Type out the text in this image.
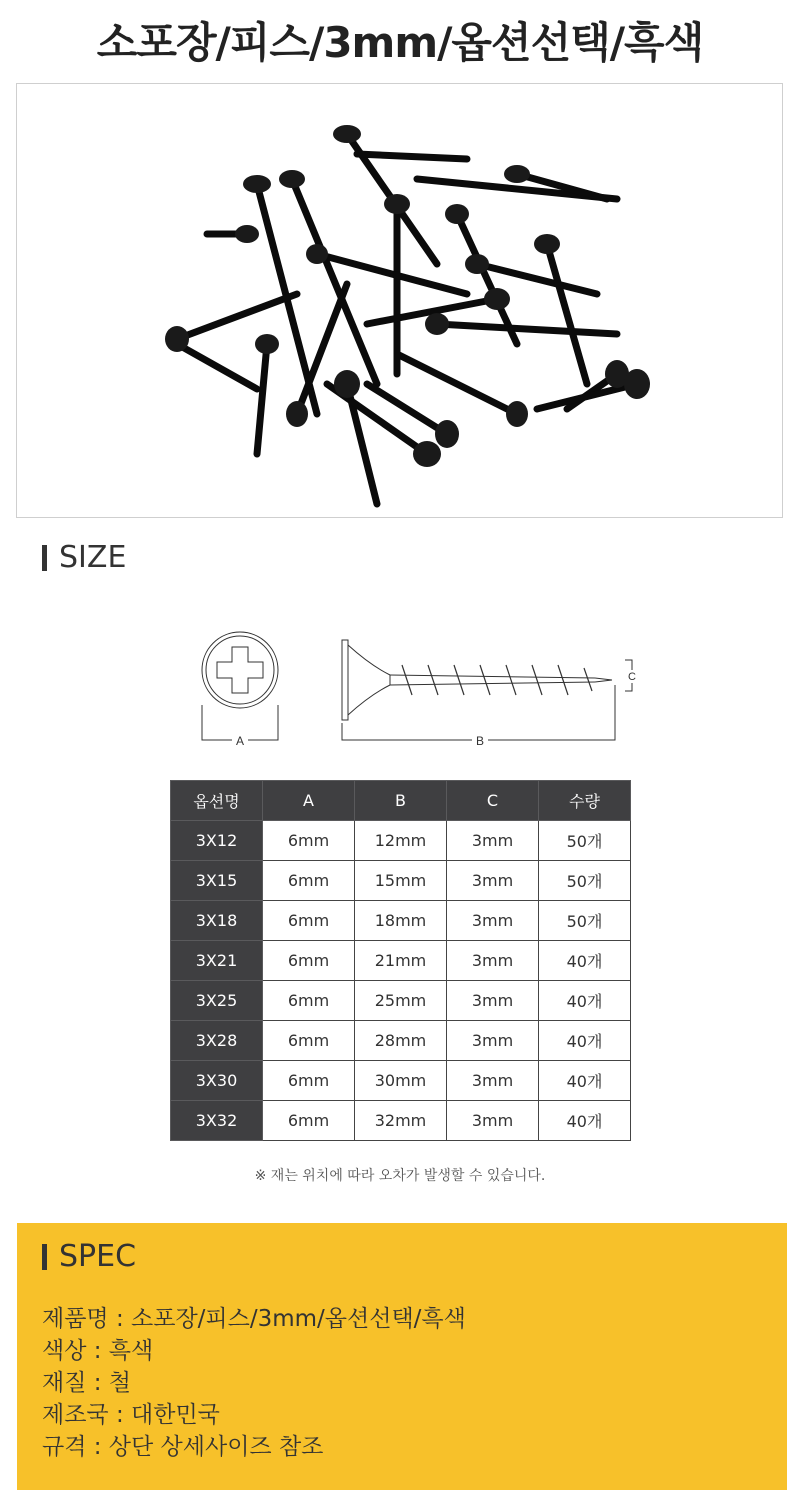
소포장/피스/3mm/옵션선택/흑색
SIZE
A	B
C
옵션명	A	B	C	수량
3X12	6mm	12mm	3mm	50개
3X15	6mm	15mm	3mm	50개
3X18	6mm	18mm	3mm	50개
3X21	6mm	21mm	3mm	40개
3X25	6mm	25mm	3mm	40개
3X28	6mm	28mm	3mm	40개
3X30	6mm	30mm	3mm	40개
3X32	6mm	32mm	3mm	40개
※ 재는 위치에 따라 오차가 발생할 수 있습니다.
SPEC
제품명 : 소포장/피스/3mm/옵션선택/흑색
색상 : 흑색
재질 : 철
제조국 : 대한민국
규격 : 상단 상세사이즈 참조
